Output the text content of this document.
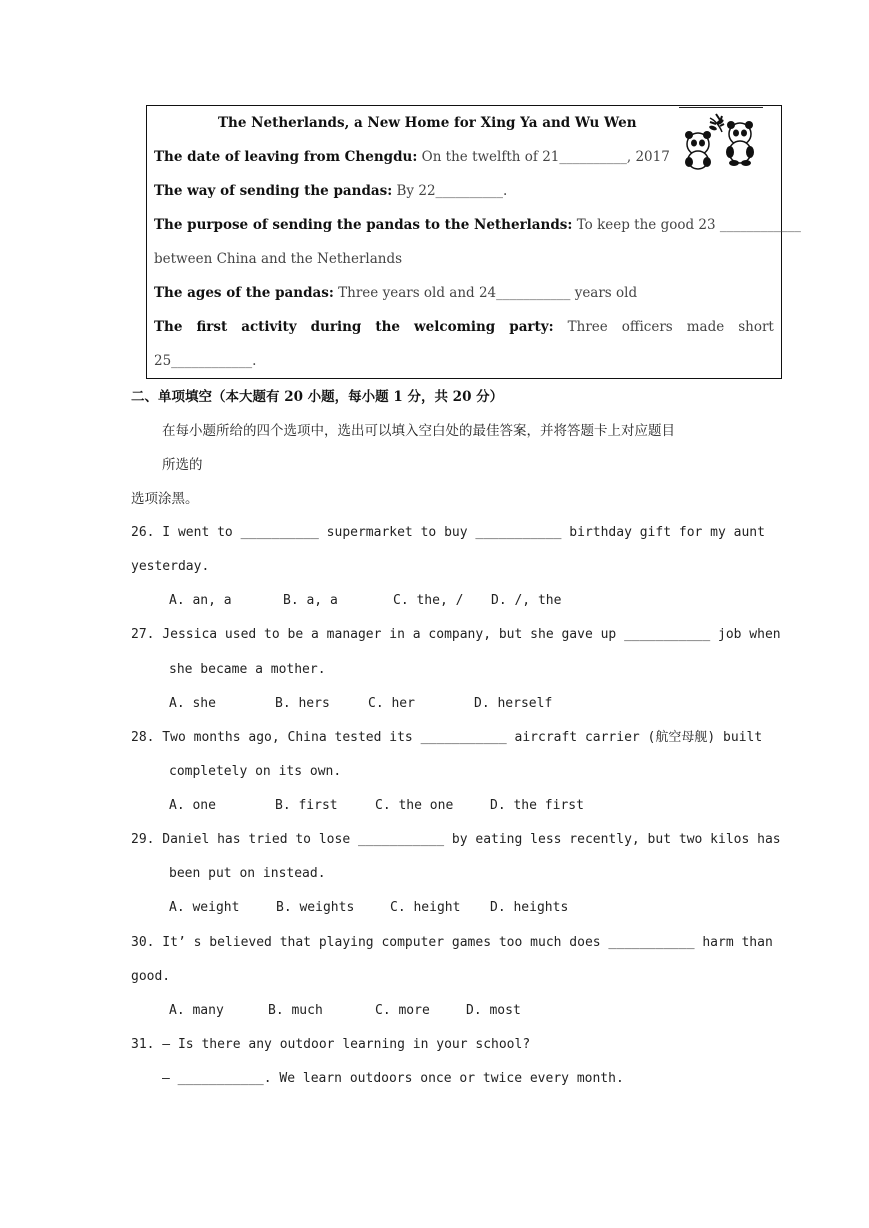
The Netherlands, a New Home for Xing Ya and Wu Wen
The date of leaving from Chengdu: On the twelfth of 21__________, 2017
The way of sending the pandas: By 22__________.
The purpose of sending the pandas to the Netherlands: To keep the good 23 ____________
between China and the Netherlands
The ages of the pandas: Three years old and 24___________ years old
The first activity during the welcoming party: Three officers made short
25____________.
二、单项填空（本大题有 20 小题，每小题 1 分，共 20 分）
在每小题所给的四个选项中，选出可以填入空白处的最佳答案，并将答题卡上对应题目
所选的
选项涂黑。
26. I went to __________ supermarket to buy ___________ birthday gift for my aunt
yesterday.
A. an, a	B. a, a	C. the, / D. /, the
27. Jessica used to be a manager in a company, but she gave up ___________ job when
she became a mother.
A. she	B. hers	C. her	D. herself
28. Two months ago, China tested its ___________ aircraft carrier (航空母舰) built
completely on its own.
A. one	B. first	C. the one	D. the first
29. Daniel has tried to lose ___________ by eating less recently, but two kilos has
been put on instead.
A. weight	B. weights	C. height D. heights
30. It’ s believed that playing computer games too much does ___________ harm than
good.
A. many	B. much	C. more	D. most
31. — Is there any outdoor learning in your school?
— ___________. We learn outdoors once or twice every month.
